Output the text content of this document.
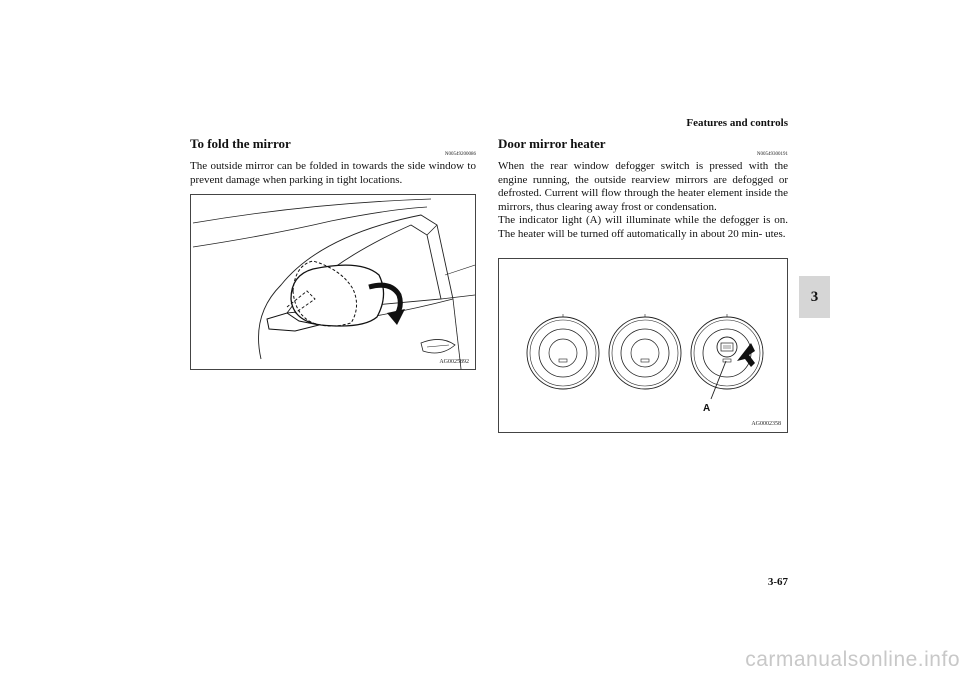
Features and controls
3
To fold the mirror
N00549200086
The outside mirror can be folded in towards the side window to prevent damage when parking in tight locations.
AG0025892
Door mirror heater
N00549300191
When the rear window defogger switch is pressed with the engine running, the outside rearview mirrors are defogged or defrosted. Current will flow through the heater element inside the mirrors, thus clearing away frost or condensation.
The indicator light (A) will illuminate while the defogger is on. The heater will be turned off automatically in about 20 min- utes.
A
AG0002358
3-67
carmanualsonline.info
